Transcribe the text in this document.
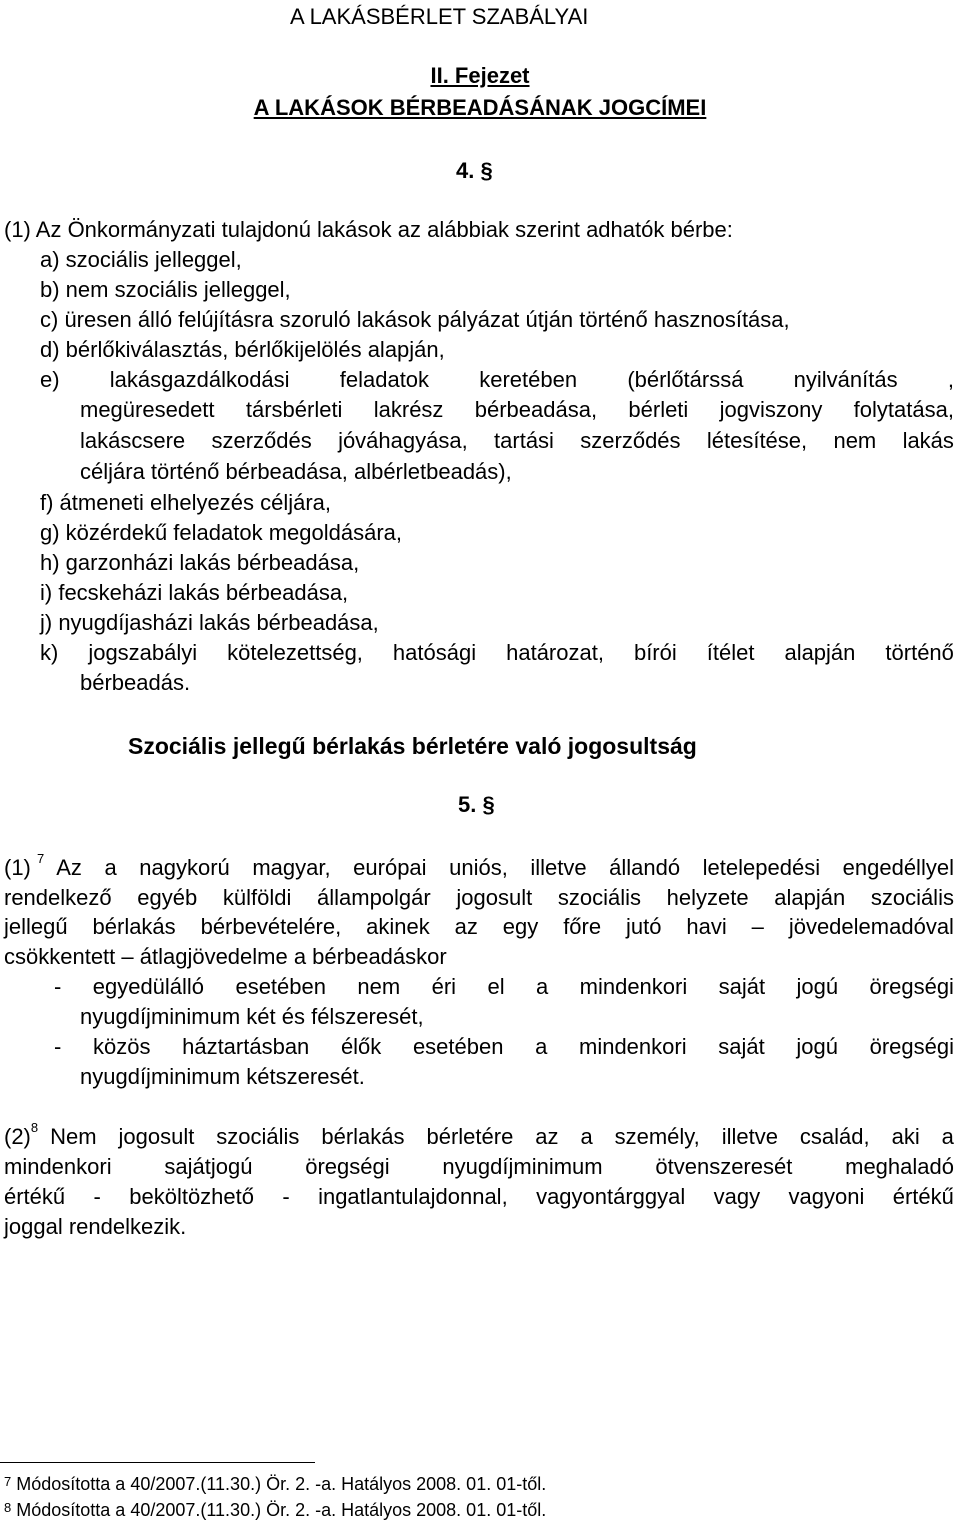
A LAKÁSBÉRLET SZABÁLYAI
II. Fejezet
A LAKÁSOK BÉRBEADÁSÁNAK JOGCÍMEI
4. §
(1) Az Önkormányzati tulajdonú lakások az alábbiak szerint adhatók bérbe:
a) szociális jelleggel,
b) nem szociális jelleggel,
c) üresen álló felújításra szoruló lakások pályázat útján történő hasznosítása,
d) bérlőkiválasztás, bérlőkijelölés alapján,
e) lakásgazdálkodási feladatok keretében (bérlőtárssá nyilvánítás ,
megüresedett társbérleti lakrész bérbeadása, bérleti jogviszony folytatása,
lakáscsere szerződés jóváhagyása, tartási szerződés létesítése, nem lakás
céljára történő bérbeadása, albérletbeadás),
f) átmeneti elhelyezés céljára,
g) közérdekű feladatok megoldására,
h) garzonházi lakás bérbeadása,
i) fecskeházi lakás bérbeadása,
j) nyugdíjasházi lakás bérbeadása,
k) jogszabályi kötelezettség, hatósági határozat, bírói ítélet alapján történő
bérbeadás.
Szociális jellegű bérlakás bérletére való jogosultság
5. §
(1) $^7$ Az a nagykorú magyar, európai uniós, illetve állandó letelepedési engedéllyel
rendelkező egyéb külföldi állampolgár jogosult szociális helyzete alapján szociális
jellegű bérlakás bérbevételére, akinek az egy főre jutó havi – jövedelemadóval
csökkentett – átlagjövedelme a bérbeadáskor
- egyedülálló esetében nem éri el a mindenkori saját jogú öregségi
nyugdíjminimum két és félszeresét,
- közös háztartásban élők esetében a mindenkori saját jogú öregségi
nyugdíjminimum kétszeresét.
(2)$^8$ Nem jogosult szociális bérlakás bérletére az a személy, illetve család, aki a
mindenkori sajátjogú öregségi nyugdíjminimum ötvenszeresét meghaladó
értékű - beköltözhető - ingatlantulajdonnal, vagyontárggyal vagy vagyoni értékű
joggal rendelkezik.
$^7$ Módosította a 40/2007.(11.30.) Ör. 2. -a. Hatályos 2008. 01. 01-től.
$^8$ Módosította a 40/2007.(11.30.) Ör. 2. -a. Hatályos 2008. 01. 01-től.
